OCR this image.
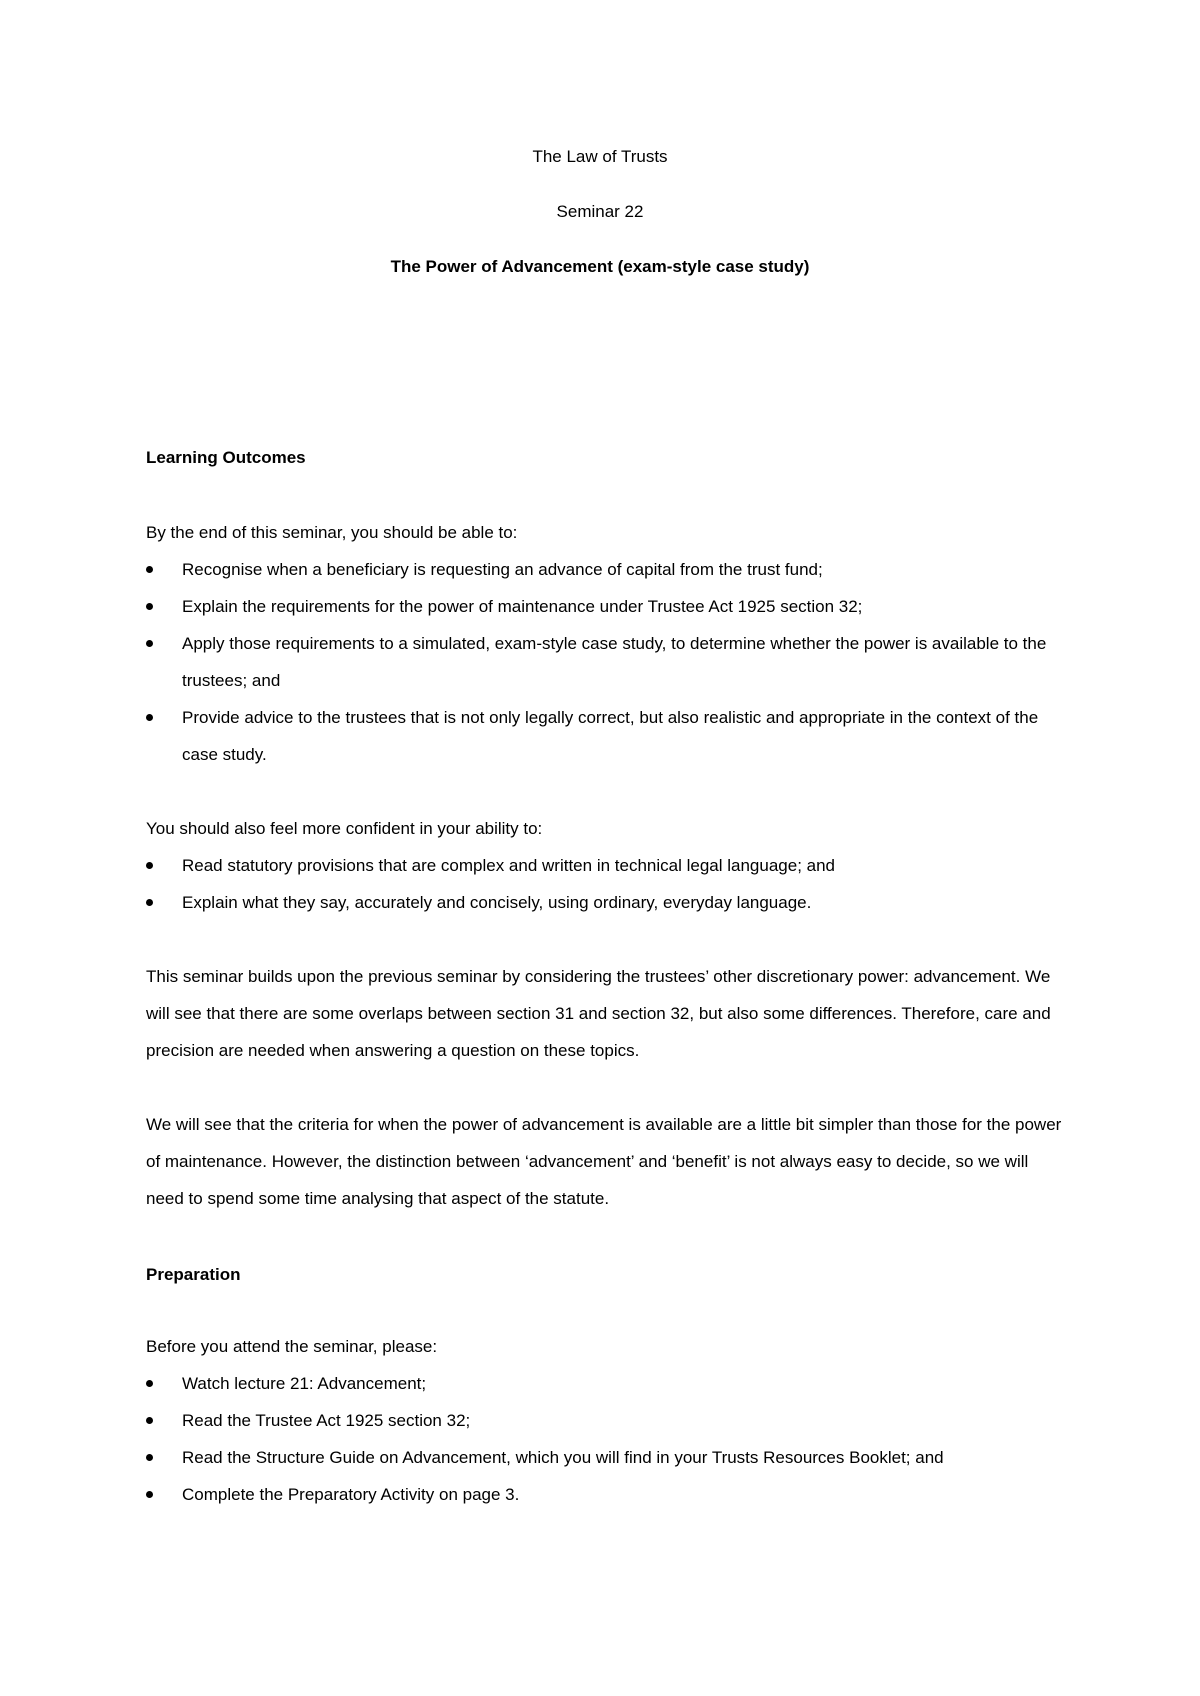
The Law of Trusts
Seminar 22
The Power of Advancement (exam-style case study)
Learning Outcomes

By the end of this seminar, you should be able to:

Recognise when a beneficiary is requesting an advance of capital from the trust fund;
Explain the requirements for the power of maintenance under Trustee Act 1925 section 32;
Apply those requirements to a simulated, exam-style case study, to determine whether the power is available to the trustees; and
Provide advice to the trustees that is not only legally correct, but also realistic and appropriate in the context of the case study.

You should also feel more confident in your ability to:

Read statutory provisions that are complex and written in technical legal language; and
Explain what they say, accurately and concisely, using ordinary, everyday language.

This seminar builds upon the previous seminar by considering the trustees’ other discretionary power: advancement. We will see that there are some overlaps between section 31 and section 32, but also some differences. Therefore, care and precision are needed when answering a question on these topics.

We will see that the criteria for when the power of advancement is available are a little bit simpler than those for the power of maintenance. However, the distinction between ‘advancement’ and ‘benefit’ is not always easy to decide, so we will need to spend some time analysing that aspect of the statute.

Preparation

Before you attend the seminar, please:

Watch lecture 21: Advancement;
Read the Trustee Act 1925 section 32;
Read the Structure Guide on Advancement, which you will find in your Trusts Resources Booklet; and
Complete the Preparatory Activity on page 3.
